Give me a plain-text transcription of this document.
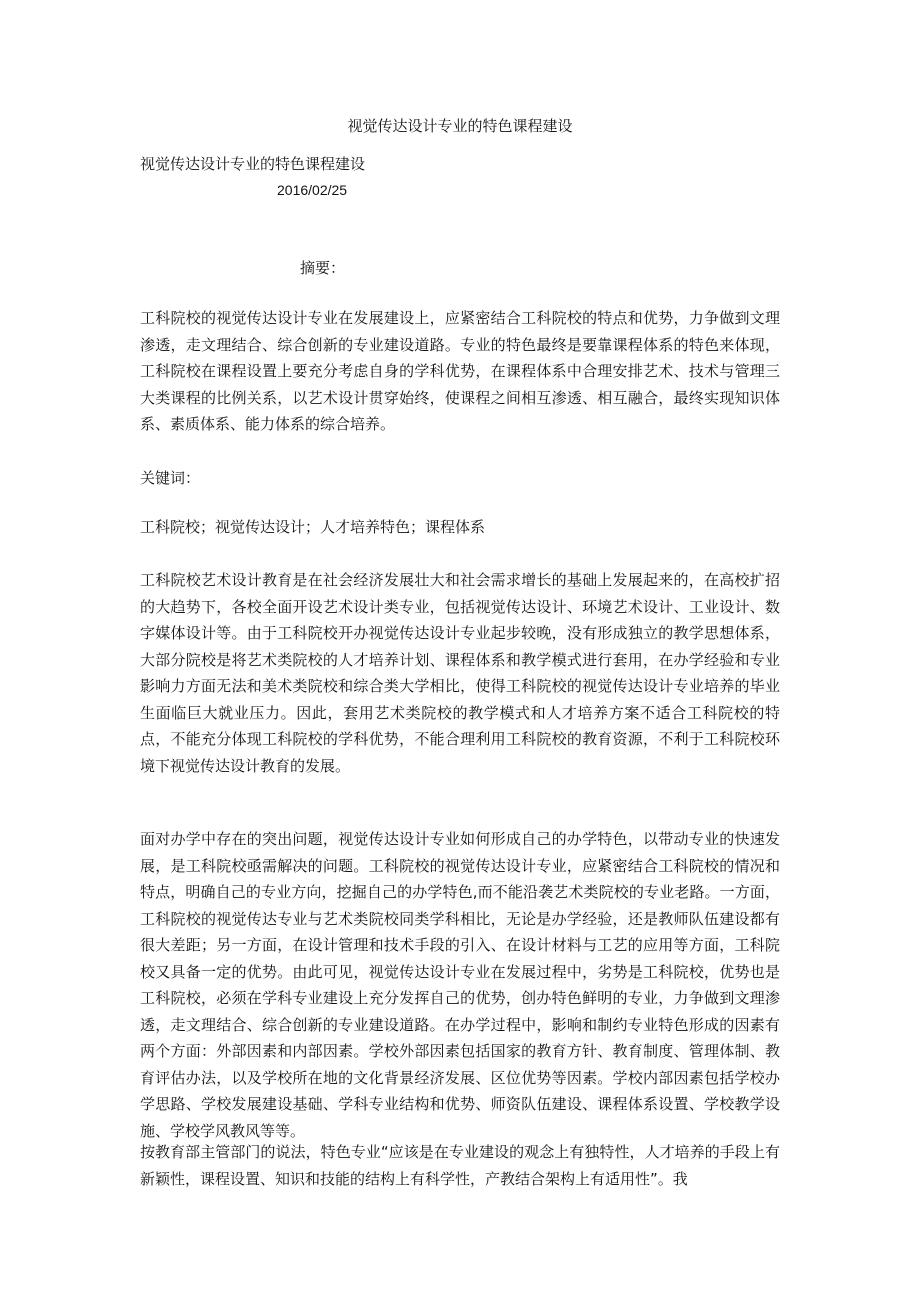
视觉传达设计专业的特色课程建设

视觉传达设计专业的特色课程建设

2016/02/25

摘要：

工科院校的视觉传达设计专业在发展建设上，应紧密结合工科院校的特点和优势，力争做到文理渗透，走文理结合、综合创新的专业建设道路。专业的特色最终是要靠课程体系的特色来体现，工科院校在课程设置上要充分考虑自身的学科优势，在课程体系中合理安排艺术、技术与管理三大类课程的比例关系，以艺术设计贯穿始终，使课程之间相互渗透、相互融合，最终实现知识体系、素质体系、能力体系的综合培养。

关键词：

工科院校；视觉传达设计；人才培养特色；课程体系

工科院校艺术设计教育是在社会经济发展壮大和社会需求增长的基础上发展起来的，在高校扩招的大趋势下，各校全面开设艺术设计类专业，包括视觉传达设计、环境艺术设计、工业设计、数字媒体设计等。由于工科院校开办视觉传达设计专业起步较晚，没有形成独立的教学思想体系，大部分院校是将艺术类院校的人才培养计划、课程体系和教学模式进行套用，在办学经验和专业影响力方面无法和美术类院校和综合类大学相比，使得工科院校的视觉传达设计专业培养的毕业生面临巨大就业压力。因此，套用艺术类院校的教学模式和人才培养方案不适合工科院校的特点，不能充分体现工科院校的学科优势，不能合理利用工科院校的教育资源，不利于工科院校环境下视觉传达设计教育的发展。

面对办学中存在的突出问题，视觉传达设计专业如何形成自己的办学特色，以带动专业的快速发展，是工科院校亟需解决的问题。工科院校的视觉传达设计专业，应紧密结合工科院校的情况和特点，明确自己的专业方向，挖掘自己的办学特色,而不能沿袭艺术类院校的专业老路。一方面，工科院校的视觉传达专业与艺术类院校同类学科相比，无论是办学经验，还是教师队伍建设都有很大差距；另一方面，在设计管理和技术手段的引入、在设计材料与工艺的应用等方面，工科院校又具备一定的优势。由此可见，视觉传达设计专业在发展过程中，劣势是工科院校，优势也是工科院校，必须在学科专业建设上充分发挥自己的优势，创办特色鲜明的专业，力争做到文理渗透，走文理结合、综合创新的专业建设道路。在办学过程中，影响和制约专业特色形成的因素有两个方面：外部因素和内部因素。学校外部因素包括国家的教育方针、教育制度、管理体制、教育评估办法，以及学校所在地的文化背景经济发展、区位优势等因素。学校内部因素包括学校办学思路、学校发展建设基础、学科专业结构和优势、师资队伍建设、课程体系设置、学校教学设施、学校学风教风等等。

按教育部主管部门的说法，特色专业“应该是在专业建设的观念上有独特性，人才培养的手段上有新颖性，课程设置、知识和技能的结构上有科学性，产教结合架构上有适用性”。我
